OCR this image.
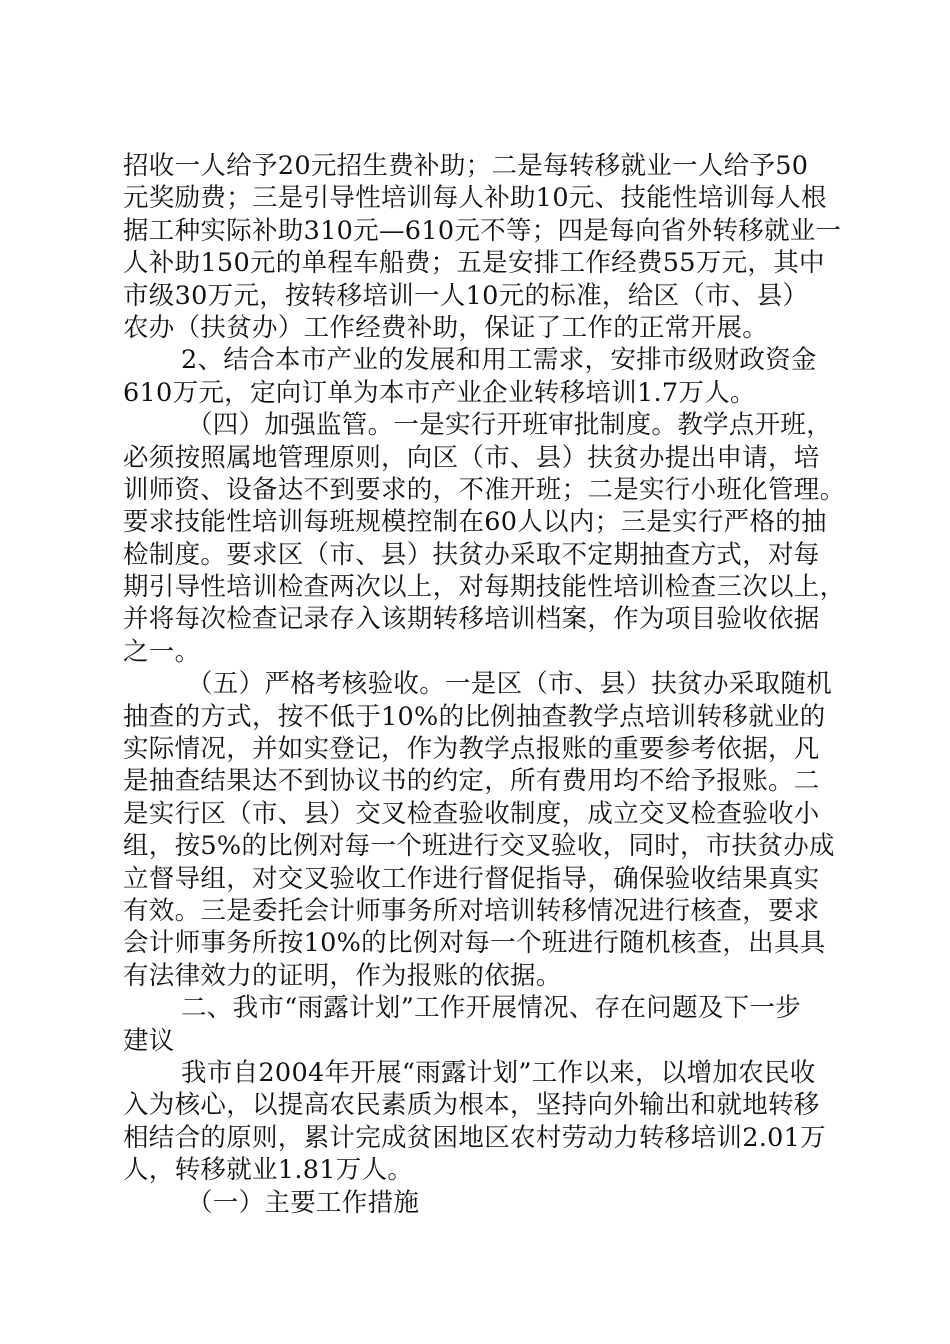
招收一人给予20元招生费补助；二是每转移就业一人给予50
元奖励费；三是引导性培训每人补助10元、技能性培训每人根
据工种实际补助310元—610元不等；四是每向省外转移就业一
人补助150元的单程车船费；五是安排工作经费55万元，其中
市级30万元，按转移培训一人10元的标准，给区（市、县）
农办（扶贫办）工作经费补助，保证了工作的正常开展。
2、结合本市产业的发展和用工需求，安排市级财政资金
610万元，定向订单为本市产业企业转移培训1.7万人。
（四）加强监管。一是实行开班审批制度。教学点开班，
必须按照属地管理原则，向区（市、县）扶贫办提出申请，培
训师资、设备达不到要求的，不准开班；二是实行小班化管理。
要求技能性培训每班规模控制在60人以内；三是实行严格的抽
检制度。要求区（市、县）扶贫办采取不定期抽查方式，对每
期引导性培训检查两次以上，对每期技能性培训检查三次以上，
并将每次检查记录存入该期转移培训档案，作为项目验收依据
之一。
（五）严格考核验收。一是区（市、县）扶贫办采取随机
抽查的方式，按不低于10%的比例抽查教学点培训转移就业的
实际情况，并如实登记，作为教学点报账的重要参考依据，凡
是抽查结果达不到协议书的约定，所有费用均不给予报账。二
是实行区（市、县）交叉检查验收制度，成立交叉检查验收小
组，按5%的比例对每一个班进行交叉验收，同时，市扶贫办成
立督导组，对交叉验收工作进行督促指导，确保验收结果真实
有效。三是委托会计师事务所对培训转移情况进行核查，要求
会计师事务所按10%的比例对每一个班进行随机核查，出具具
有法律效力的证明，作为报账的依据。
二、我市“雨露计划”工作开展情况、存在问题及下一步
建议
我市自2004年开展“雨露计划”工作以来，以增加农民收
入为核心，以提高农民素质为根本，坚持向外输出和就地转移
相结合的原则，累计完成贫困地区农村劳动力转移培训2.01万
人，转移就业1.81万人。
（一）主要工作措施
